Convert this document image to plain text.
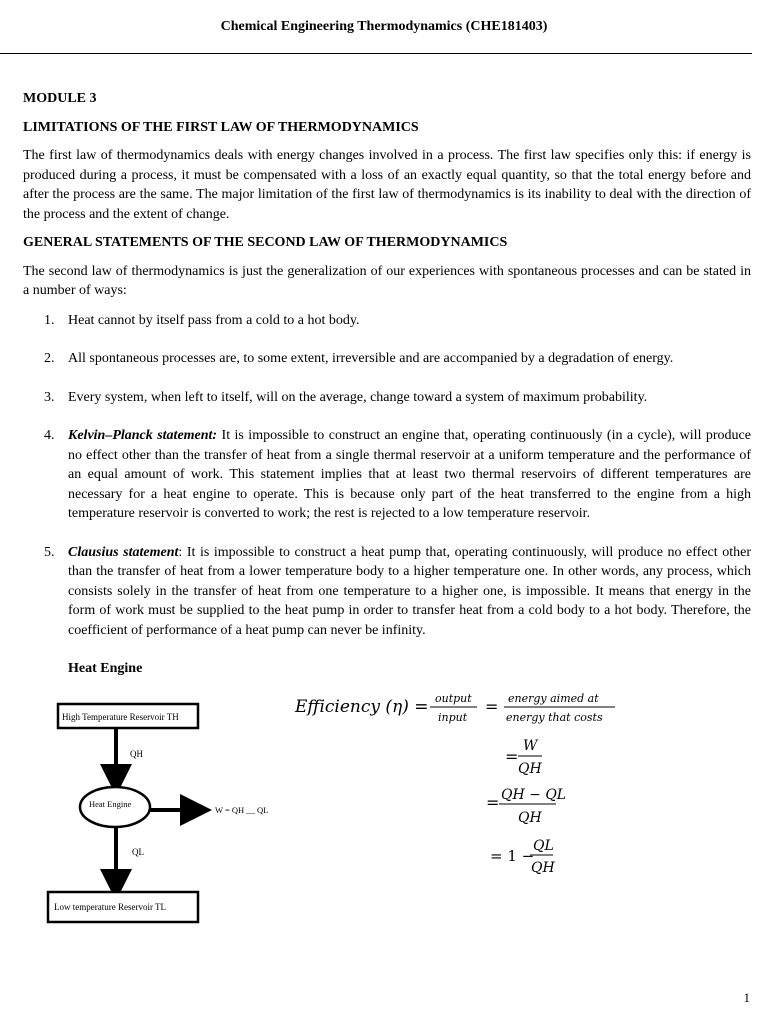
Chemical Engineering Thermodynamics (CHE181403)

MODULE 3

LIMITATIONS OF THE FIRST LAW OF THERMODYNAMICS

The first law of thermodynamics deals with energy changes involved in a process. The first law specifies only this: if energy is produced during a process, it must be compensated with a loss of an exactly equal quantity, so that the total energy before and after the process are the same. The major limitation of the first law of thermodynamics is its inability to deal with the direction of the process and the extent of change.

GENERAL STATEMENTS OF THE SECOND LAW OF THERMODYNAMICS

The second law of thermodynamics is just the generalization of our experiences with spontaneous processes and can be stated in a number of ways:

1. Heat cannot by itself pass from a cold to a hot body.
2. All spontaneous processes are, to some extent, irreversible and are accompanied by a degradation of energy.
3. Every system, when left to itself, will on the average, change toward a system of maximum probability.
4. Kelvin–Planck statement: It is impossible to construct an engine that, operating continuously (in a cycle), will produce no effect other than the transfer of heat from a single thermal reservoir at a uniform temperature and the performance of an equal amount of work. This statement implies that at least two thermal reservoirs of different temperatures are necessary for a heat engine to operate. This is because only part of the heat transferred to the engine from a high temperature reservoir is converted to work; the rest is rejected to a low temperature reservoir.
5. Clausius statement: It is impossible to construct a heat pump that, operating continuously, will produce no effect other than the transfer of heat from a lower temperature body to a higher temperature one. In other words, any process, which consists solely in the transfer of heat from one temperature to a higher one, is impossible. It means that energy in the form of work must be supplied to the heat pump in order to transfer heat from a cold body to a hot body. Therefore, the coefficient of performance of a heat pump can never be infinity.
Heat Engine
High Temperature Reservoir TH
QH
Heat Engine
W = QH __ QL
QL
Low temperature Reservoir TL
Efficiency (η) = output
input
= energy aimed at
energy that costs
=
W
QH
= QH − QL
QH
= 1 −
QL
QH
1
